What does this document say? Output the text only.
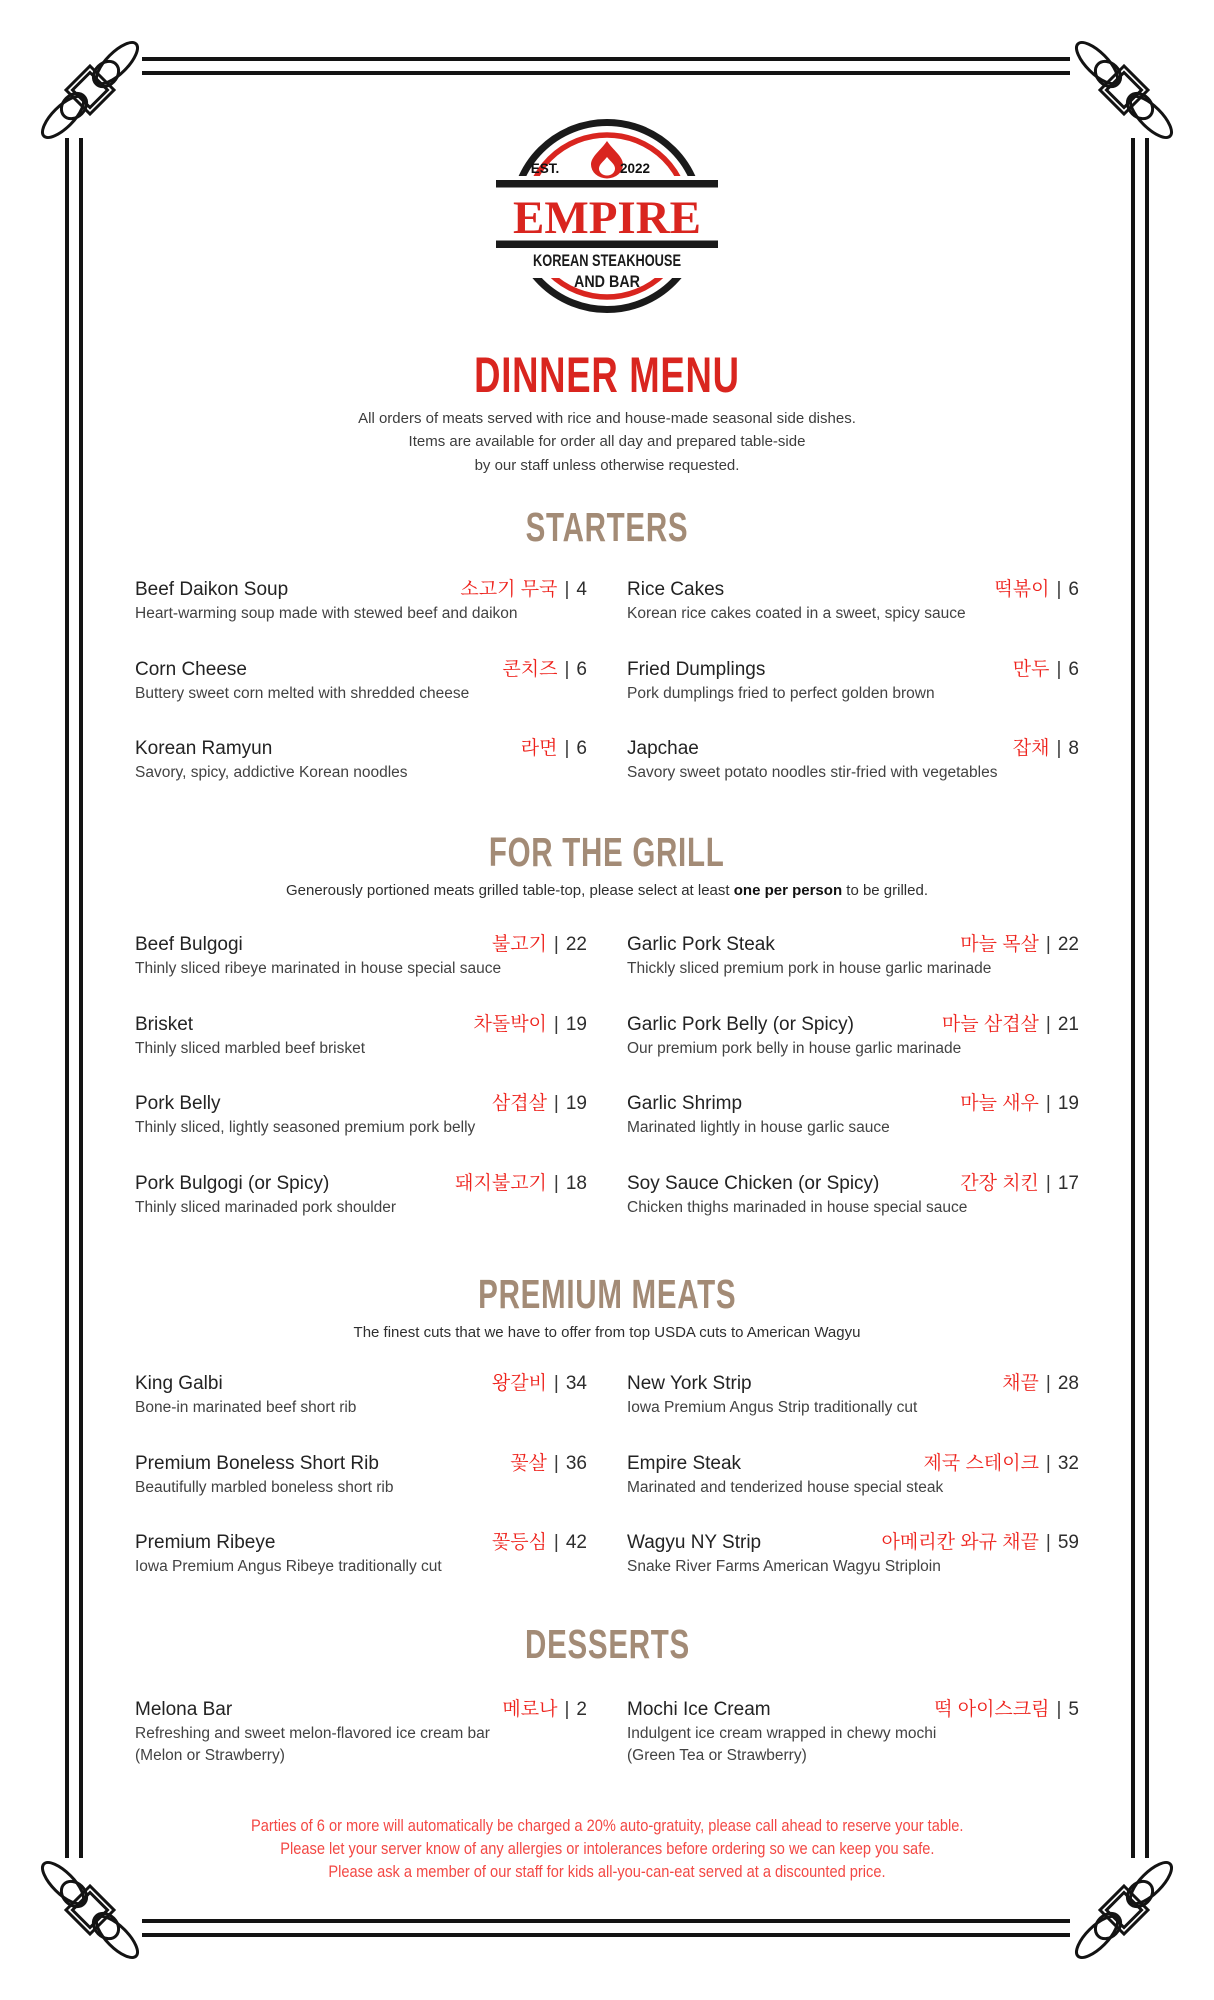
EST.	2022
EMPIRE
KOREAN STEAKHOUSE
AND BAR
DINNER MENU
All orders of meats served with rice and house-made seasonal side dishes.
Items are available for order all day and prepared table-side
by our staff unless otherwise requested.
STARTERS
Beef Daikon Soup	소고기 무국 | 4
Heart-warming soup made with stewed beef and daikon
Corn Cheese	콘치즈 | 6
Buttery sweet corn melted with shredded cheese
Korean Ramyun	라면 | 6
Savory, spicy, addictive Korean noodles
Rice Cakes	떡볶이 | 6
Korean rice cakes coated in a sweet, spicy sauce
Fried Dumplings	만두 | 6
Pork dumplings fried to perfect golden brown
Japchae	잡채 | 8
Savory sweet potato noodles stir-fried with vegetables
FOR THE GRILL
Generously portioned meats grilled table-top, please select at least one per person to be grilled.
Beef Bulgogi	불고기 | 22
Thinly sliced ribeye marinated in house special sauce
Brisket	차돌박이 | 19
Thinly sliced marbled beef brisket
Pork Belly	삼겹살 | 19
Thinly sliced, lightly seasoned premium pork belly
Pork Bulgogi (or Spicy)	돼지불고기 | 18
Thinly sliced marinaded pork shoulder
Garlic Pork Steak	마늘 목살 | 22
Thickly sliced premium pork in house garlic marinade
Garlic Pork Belly (or Spicy)	마늘 삼겹살 | 21
Our premium pork belly in house garlic marinade
Garlic Shrimp	마늘 새우 | 19
Marinated lightly in house garlic sauce
Soy Sauce Chicken (or Spicy)	간장 치킨 | 17
Chicken thighs marinaded in house special sauce
PREMIUM MEATS
The finest cuts that we have to offer from top USDA cuts to American Wagyu
King Galbi	왕갈비 | 34
Bone-in marinated beef short rib
Premium Boneless Short Rib	꽃살 | 36
Beautifully marbled boneless short rib
Premium Ribeye	꽃등심 | 42
Iowa Premium Angus Ribeye traditionally cut
New York Strip	채끝 | 28
Iowa Premium Angus Strip traditionally cut
Empire Steak	제국 스테이크 | 32
Marinated and tenderized house special steak
Wagyu NY Strip	아메리칸 와규 채끝 | 59
Snake River Farms American Wagyu Striploin
DESSERTS
Melona Bar	메로나 | 2
Refreshing and sweet melon-flavored ice cream bar
(Melon or Strawberry)
Mochi Ice Cream	떡 아이스크림 | 5
Indulgent ice cream wrapped in chewy mochi
(Green Tea or Strawberry)
Parties of 6 or more will automatically be charged a 20% auto-gratuity, please call ahead to reserve your table.
Please let your server know of any allergies or intolerances before ordering so we can keep you safe.
Please ask a member of our staff for kids all-you-can-eat served at a discounted price.
